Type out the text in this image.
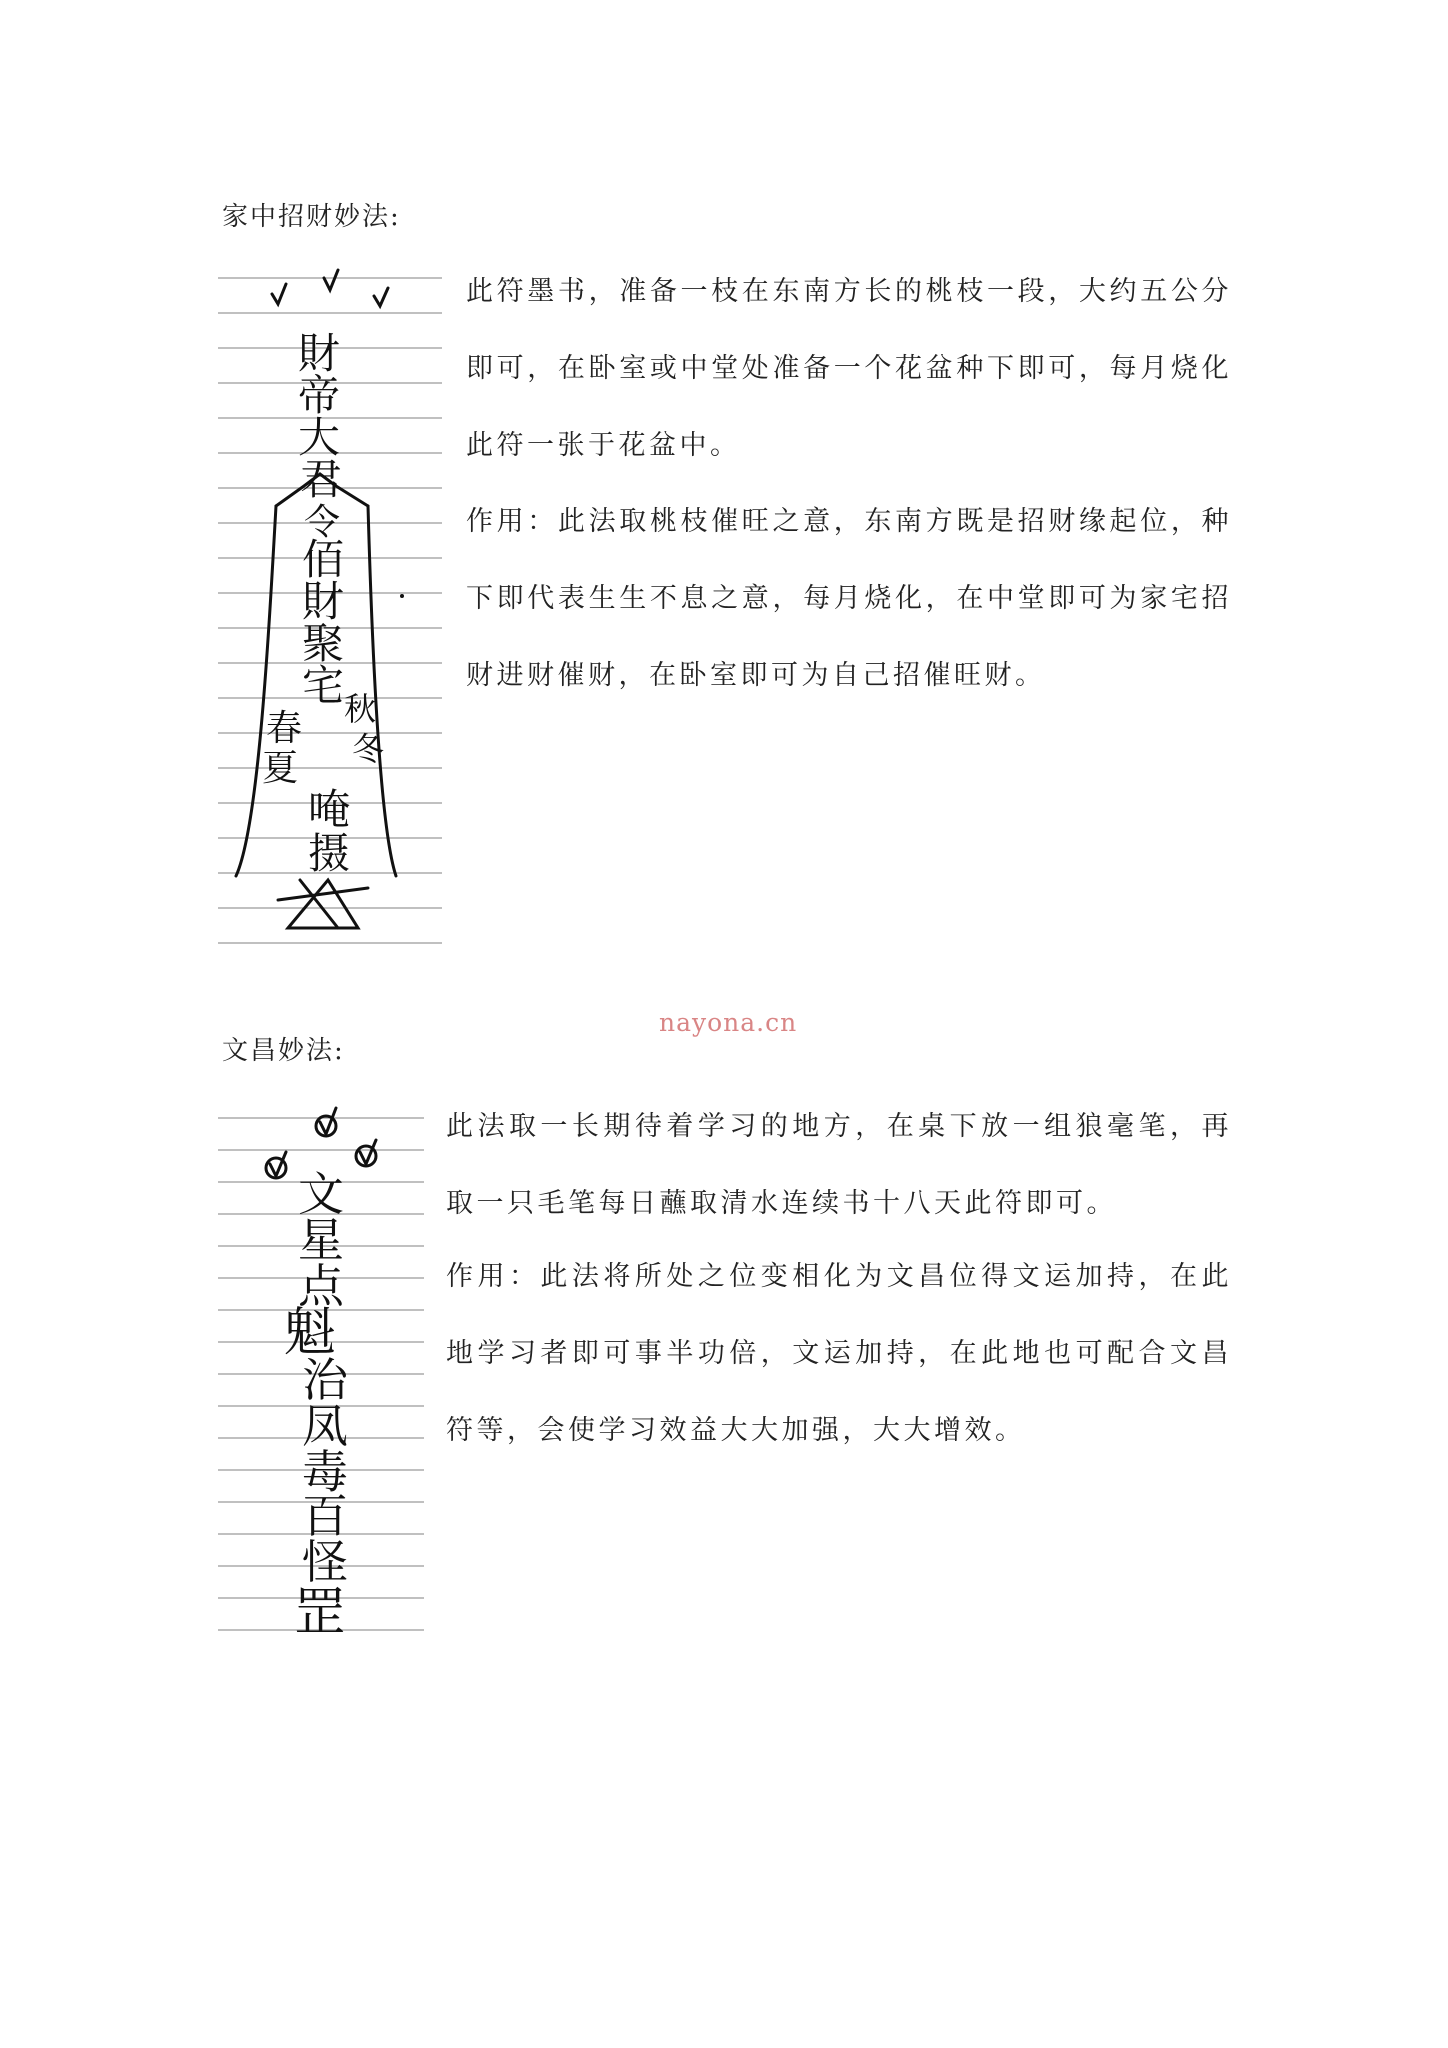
家中招财妙法:
財
帝
大
君
令
佰
財
聚
宅 秋
冬
春
夏
唵
摄

此符墨书，准备一枝在东南方长的桃枝一段，大约五公分即可，在卧室或中堂处准备一个花盆种下即可，每月烧化此符一张于花盆中。

作用：此法取桃枝催旺之意，东南方既是招财缘起位，种下即代表生生不息之意，每月烧化，在中堂即可为家宅招财进财催财，在卧室即可为自己招催旺财。

nayona.cn
文昌妙法:
文
星
点
魁
治
凤
毒
百
怪
罡

此法取一长期待着学习的地方，在桌下放一组狼毫笔，再取一只毛笔每日蘸取清水连续书十八天此符即可。

作用：此法将所处之位变相化为文昌位得文运加持，在此地学习者即可事半功倍，文运加持，在此地也可配合文昌符等，会使学习效益大大加强，大大增效。
